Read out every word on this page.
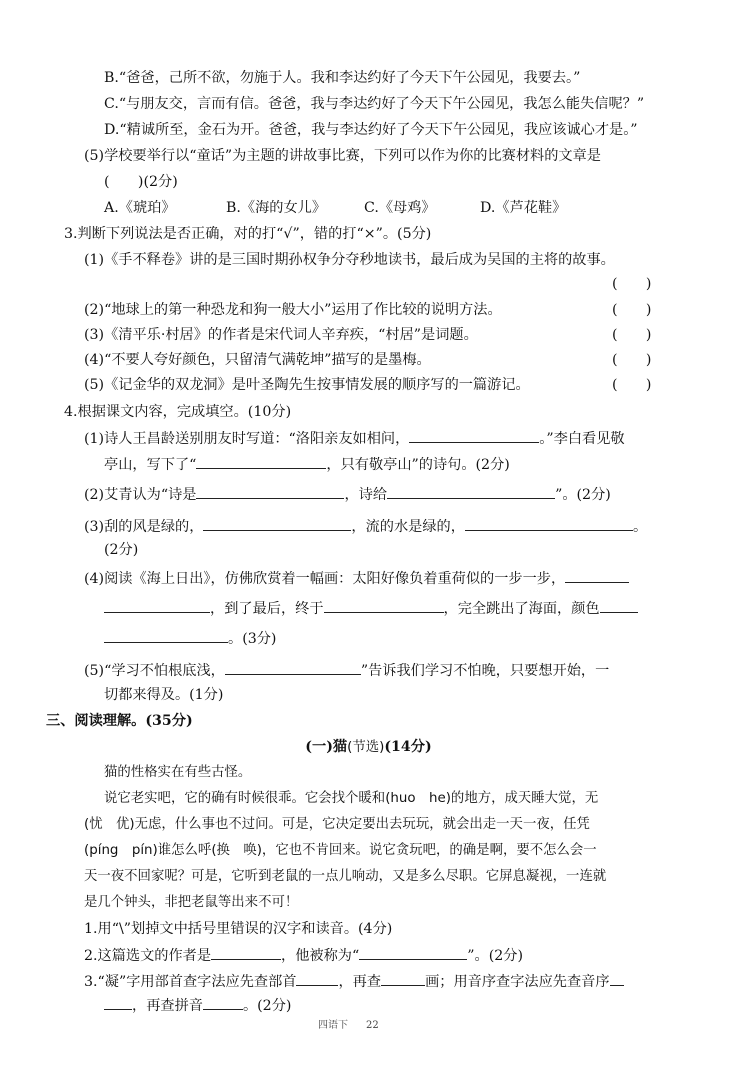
B.“爸爸，己所不欲，勿施于人。我和李达约好了今天下午公园见，我要去。”
C.“与朋友交，言而有信。爸爸，我与李达约好了今天下午公园见，我怎么能失信呢？”
D.“精诚所至，金石为开。爸爸，我与李达约好了今天下午公园见，我应该诚心才是。”
(5)学校要举行以“童话”为主题的讲故事比赛，下列可以作为你的比赛材料的文章是
(　　)(2分)
A.《琥珀》	B.《海的女儿》	C.《母鸡》	D.《芦花鞋》
3.判断下列说法是否正确，对的打“√”，错的打“×”。(5分)
(1)《手不释卷》讲的是三国时期孙权争分夺秒地读书，最后成为吴国的主将的故事。
(　　)
(2)“地球上的第一种恐龙和狗一般大小”运用了作比较的说明方法。	(　　)
(3)《清平乐·村居》的作者是宋代词人辛弃疾，“村居”是词题。	(　　)
(4)“不要人夸好颜色，只留清气满乾坤”描写的是墨梅。	(　　)
(5)《记金华的双龙洞》是叶圣陶先生按事情发展的顺序写的一篇游记。	(　　)
4.根据课文内容，完成填空。(10分)
(1)诗人王昌龄送别朋友时写道：“洛阳亲友如相问，	。”李白看见敬
亭山，写下了“	，只有敬亭山”的诗句。(2分)
(2)艾青认为“诗是	，诗给	”。(2分)
(3)刮的风是绿的，	，流的水是绿的，	。
(2分)
(4)阅读《海上日出》，仿佛欣赏着一幅画：太阳好像负着重荷似的一步一步，
，到了最后，终于	，完全跳出了海面，颜色
。(3分)
(5)“学习不怕根底浅，	”告诉我们学习不怕晚，只要想开始，一
切都来得及。(1分)
三、阅读理解。(35分)
(一)猫(节选)(14分)
猫的性格实在有些古怪。
说它老实吧，它的确有时候很乖。它会找个暖和(huo　he)的地方，成天睡大觉，无
(忧　优)无虑，什么事也不过问。可是，它决定要出去玩玩，就会出走一天一夜，任凭
(píng　pín)谁怎么呼(换　唤)，它也不肯回来。说它贪玩吧，的确是啊，要不怎么会一
天一夜不回家呢？可是，它听到老鼠的一点儿响动，又是多么尽职。它屏息凝视，一连就
是几个钟头，非把老鼠等出来不可！
1.用“\”划掉文中括号里错误的汉字和读音。(4分)
2.这篇选文的作者是	，他被称为“	”。(2分)
3.“凝”字用部首查字法应先查部首	，再查	画；用音序查字法应先查音序
，再查拼音	。(2分)
四语下 22
